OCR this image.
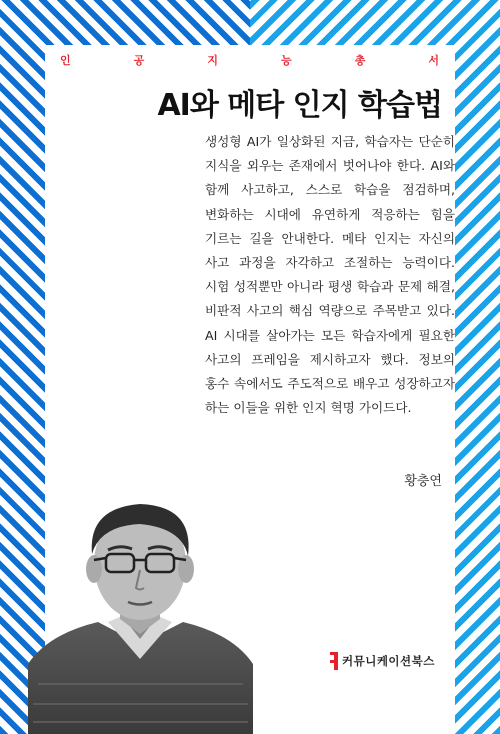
인	공	지	능	총	서
AI와 메타 인지 학습법
생성형 AI가 일상화된 지금, 학습자는 단순히 지식을 외우는 존재에서 벗어나야 한다. AI와 함께 사고하고, 스스로 학습을 점검하며, 변화하는 시대에 유연하게 적응하는 힘을 기르는 길을 안내한다. 메타 인지는 자신의 사고 과정을 자각하고 조절하는 능력이다. 시험 성적뿐만 아니라 평생 학습과 문제 해결, 비판적 사고의 핵심 역량으로 주목받고 있다. AI 시대를 살아가는 모든 학습자에게 필요한 사고의 프레임을 제시하고자 했다. 정보의 홍수 속에서도 주도적으로 배우고 성장하고자 하는 이들을 위한 인지 혁명 가이드다.
황충연
커뮤니케이션북스
